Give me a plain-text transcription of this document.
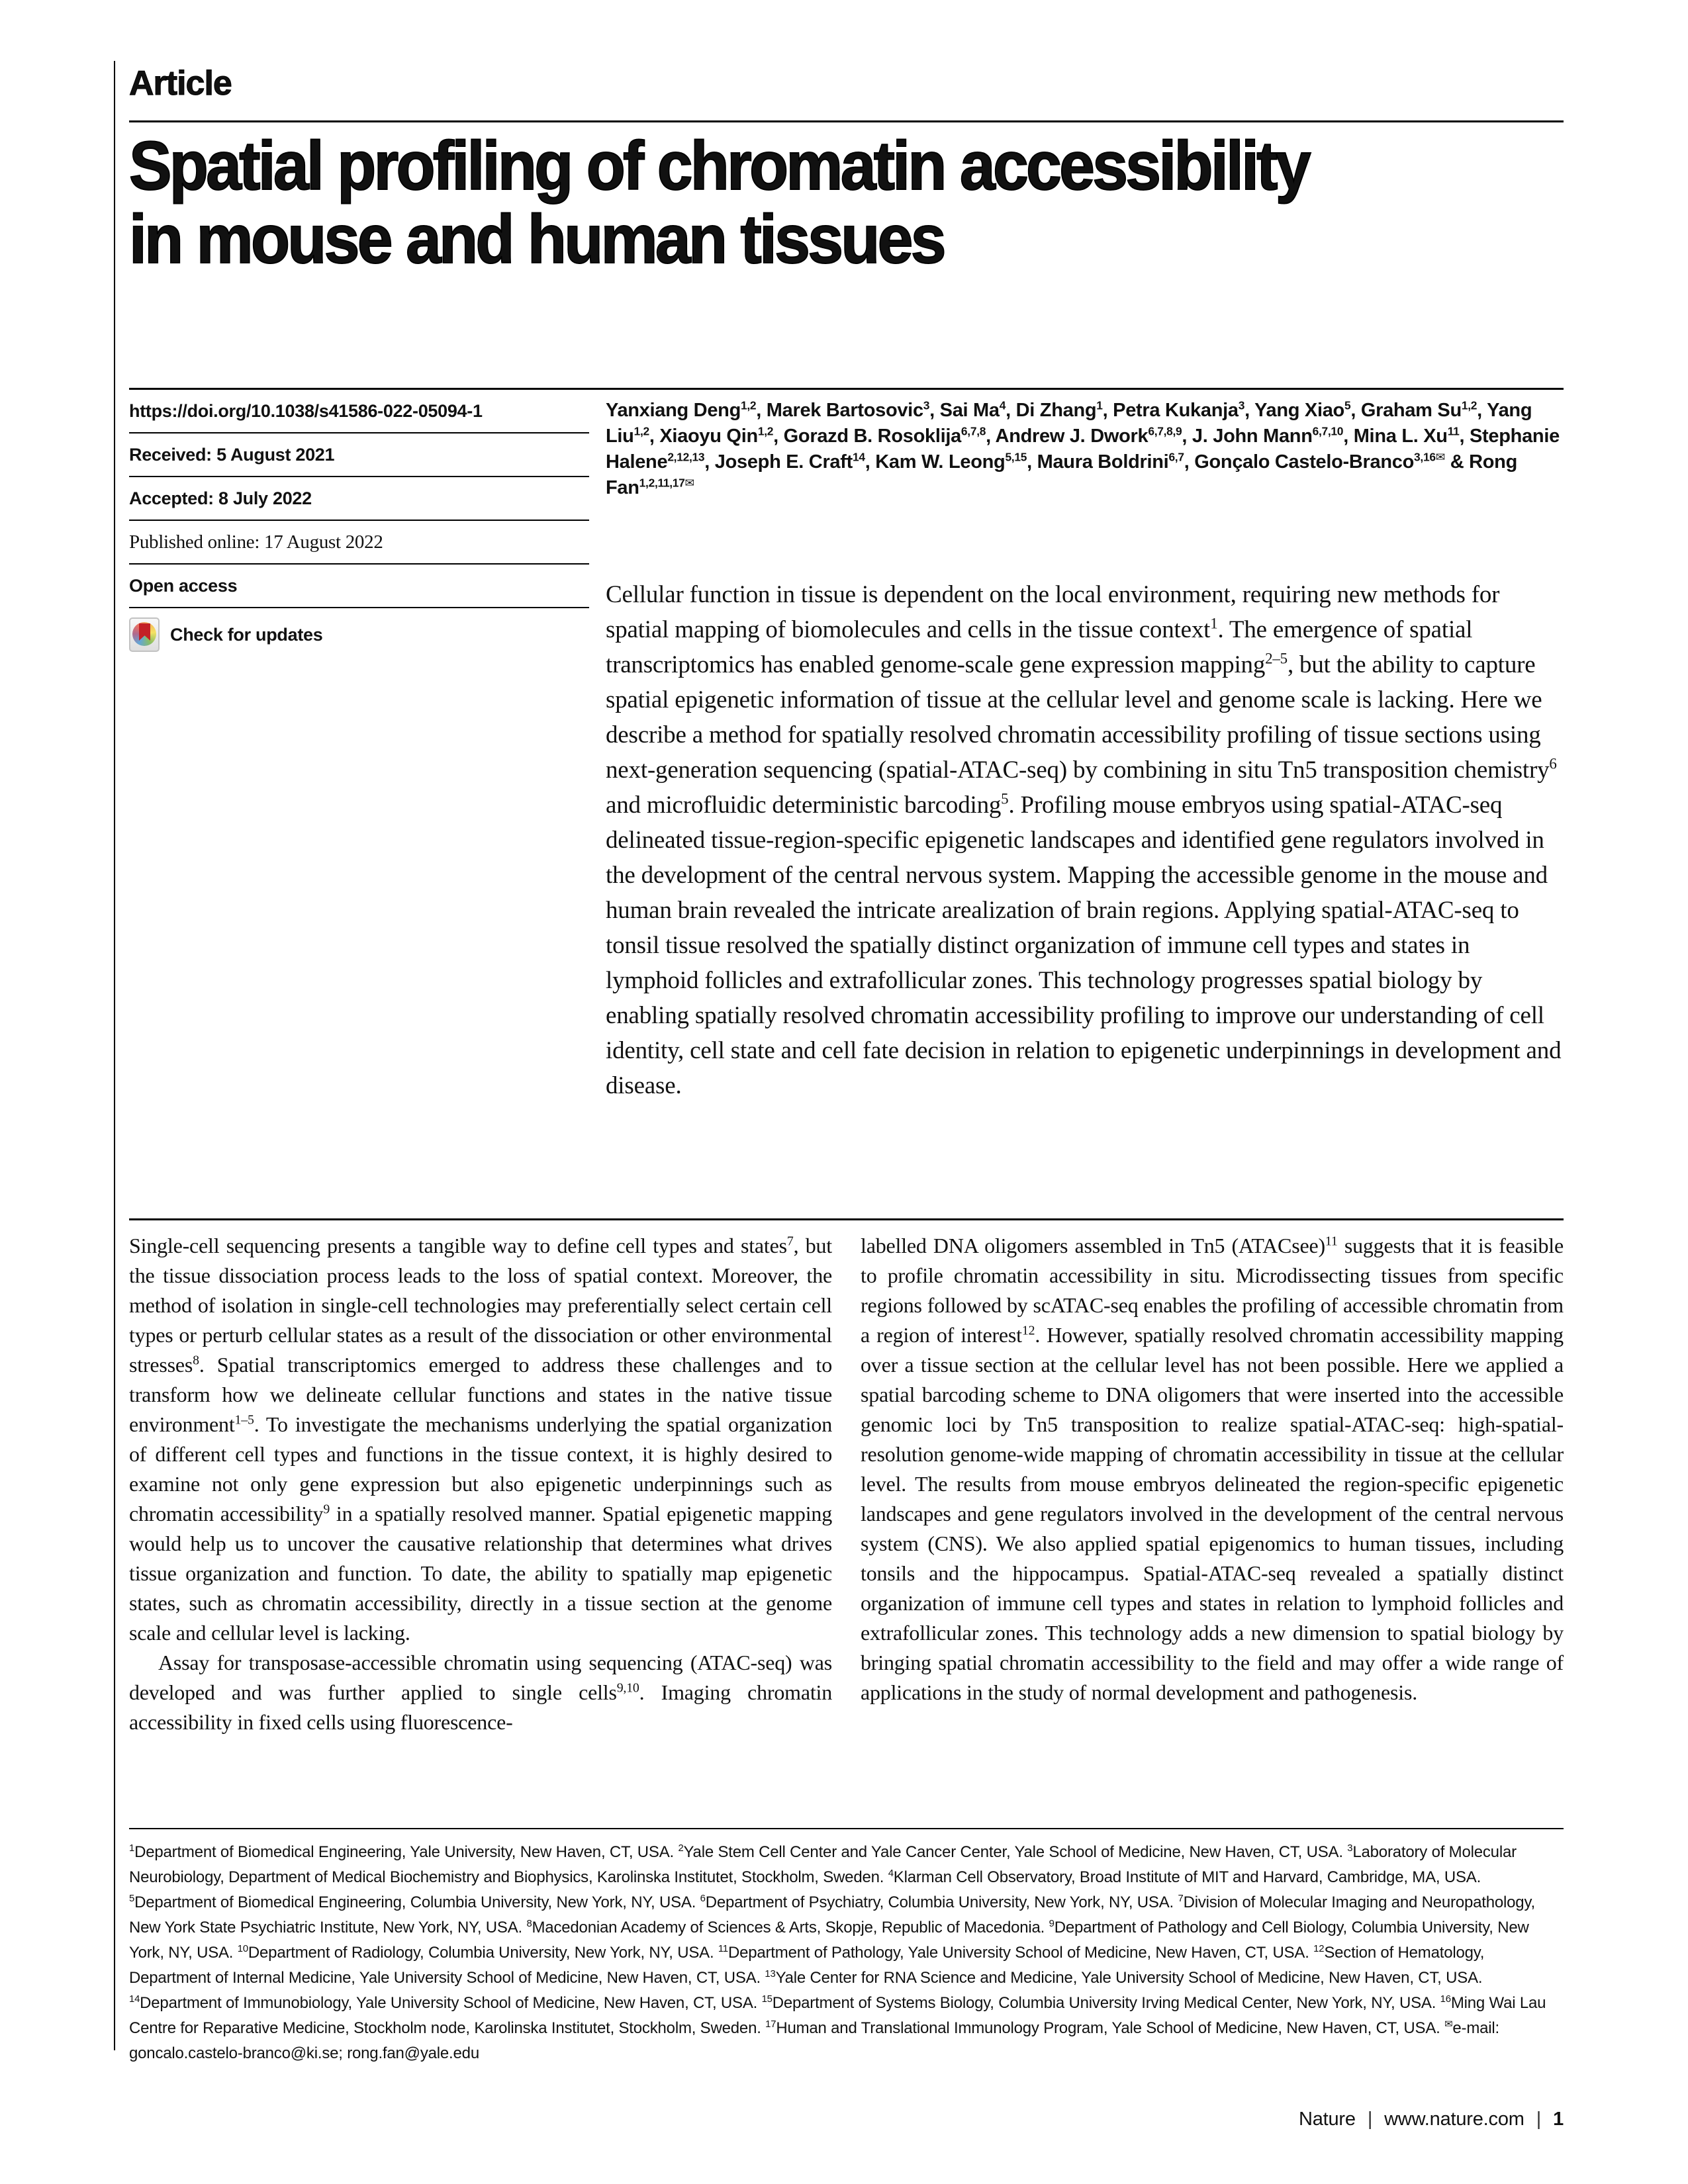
Article
Spatial profiling of chromatin accessibility
in mouse and human tissues
https://doi.org/10.1038/s41586-022-05094-1
Received: 5 August 2021
Accepted: 8 July 2022
Published online: 17 August 2022
Open access
Check for updates
Yanxiang Deng$^{1,2}$, Marek Bartosovic$^3$, Sai Ma$^4$, Di Zhang$^1$, Petra Kukanja$^3$, Yang Xiao$^5$, Graham Su$^{1,2}$, Yang Liu$^{1,2}$, Xiaoyu Qin$^{1,2}$, Gorazd B. Rosoklija$^{6,7,8}$, Andrew J. Dwork$^{6,7,8,9}$, J. John Mann$^{6,7,10}$, Mina L. Xu$^{11}$, Stephanie Halene$^{2,12,13}$, Joseph E. Craft$^{14}$, Kam W. Leong$^{5,15}$, Maura Boldrini$^{6,7}$, Gonçalo Castelo-Branco$^{3,16✉}$ & Rong Fan$^{1,2,11,17✉}$
Cellular function in tissue is dependent on the local environment, requiring new methods for spatial mapping of biomolecules and cells in the tissue context$^1$. The emergence of spatial transcriptomics has enabled genome-scale gene expression mapping$^{2-5}$, but the ability to capture spatial epigenetic information of tissue at the cellular level and genome scale is lacking. Here we describe a method for spatially resolved chromatin accessibility profiling of tissue sections using next-generation sequencing (spatial-ATAC-seq) by combining in situ Tn5 transposition chemistry$^6$ and microfluidic deterministic barcoding$^5$. Profiling mouse embryos using spatial-ATAC-seq delineated tissue-region-specific epigenetic landscapes and identified gene regulators involved in the development of the central nervous system. Mapping the accessible genome in the mouse and human brain revealed the intricate arealization of brain regions. Applying spatial-ATAC-seq to tonsil tissue resolved the spatially distinct organization of immune cell types and states in lymphoid follicles and extrafollicular zones. This technology progresses spatial biology by enabling spatially resolved chromatin accessibility profiling to improve our understanding of cell identity, cell state and cell fate decision in relation to epigenetic underpinnings in development and disease.

Single-cell sequencing presents a tangible way to define cell types and states$^7$, but the tissue dissociation process leads to the loss of spatial context. Moreover, the method of isolation in single-cell technologies may preferentially select certain cell types or perturb cellular states as a result of the dissociation or other environmental stresses$^8$. Spatial transcriptomics emerged to address these challenges and to transform how we delineate cellular functions and states in the native tissue environment$^{1-5}$. To investigate the mechanisms underlying the spatial organization of different cell types and functions in the tissue context, it is highly desired to examine not only gene expression but also epigenetic underpinnings such as chromatin accessibility$^9$ in a spatially resolved manner. Spatial epigenetic mapping would help us to uncover the causative relationship that determines what drives tissue organization and function. To date, the ability to spatially map epigenetic states, such as chromatin accessibility, directly in a tissue section at the genome scale and cellular level is lacking.

Assay for transposase-accessible chromatin using sequencing (ATAC-seq) was developed and was further applied to single cells$^{9,10}$. Imaging chromatin accessibility in fixed cells using fluorescence-

labelled DNA oligomers assembled in Tn5 (ATACsee)$^{11}$ suggests that it is feasible to profile chromatin accessibility in situ. Microdissecting tissues from specific regions followed by scATAC-seq enables the profiling of accessible chromatin from a region of interest$^{12}$. However, spatially resolved chromatin accessibility mapping over a tissue section at the cellular level has not been possible. Here we applied a spatial barcoding scheme to DNA oligomers that were inserted into the accessible genomic loci by Tn5 transposition to realize spatial-ATAC-seq: high-spatial-resolution genome-wide mapping of chromatin accessibility in tissue at the cellular level. The results from mouse embryos delineated the region-specific epigenetic landscapes and gene regulators involved in the development of the central nervous system (CNS). We also applied spatial epigenomics to human tissues, including tonsils and the hippocampus. Spatial-ATAC-seq revealed a spatially distinct organization of immune cell types and states in relation to lymphoid follicles and extrafollicular zones. This technology adds a new dimension to spatial biology by bringing spatial chromatin accessibility to the field and may offer a wide range of applications in the study of normal development and pathogenesis.

$^1$Department of Biomedical Engineering, Yale University, New Haven, CT, USA. $^2$Yale Stem Cell Center and Yale Cancer Center, Yale School of Medicine, New Haven, CT, USA. $^3$Laboratory of Molecular Neurobiology, Department of Medical Biochemistry and Biophysics, Karolinska Institutet, Stockholm, Sweden. $^4$Klarman Cell Observatory, Broad Institute of MIT and Harvard, Cambridge, MA, USA. $^5$Department of Biomedical Engineering, Columbia University, New York, NY, USA. $^6$Department of Psychiatry, Columbia University, New York, NY, USA. $^7$Division of Molecular Imaging and Neuropathology, New York State Psychiatric Institute, New York, NY, USA. $^8$Macedonian Academy of Sciences & Arts, Skopje, Republic of Macedonia. $^9$Department of Pathology and Cell Biology, Columbia University, New York, NY, USA. $^{10}$Department of Radiology, Columbia University, New York, NY, USA. $^{11}$Department of Pathology, Yale University School of Medicine, New Haven, CT, USA. $^{12}$Section of Hematology, Department of Internal Medicine, Yale University School of Medicine, New Haven, CT, USA. $^{13}$Yale Center for RNA Science and Medicine, Yale University School of Medicine, New Haven, CT, USA. $^{14}$Department of Immunobiology, Yale University School of Medicine, New Haven, CT, USA. $^{15}$Department of Systems Biology, Columbia University Irving Medical Center, New York, NY, USA. $^{16}$Ming Wai Lau Centre for Reparative Medicine, Stockholm node, Karolinska Institutet, Stockholm, Sweden. $^{17}$Human and Translational Immunology Program, Yale School of Medicine, New Haven, CT, USA. ✉e-mail: goncalo.castelo-branco@ki.se; rong.fan@yale.edu
Nature | www.nature.com | 1
